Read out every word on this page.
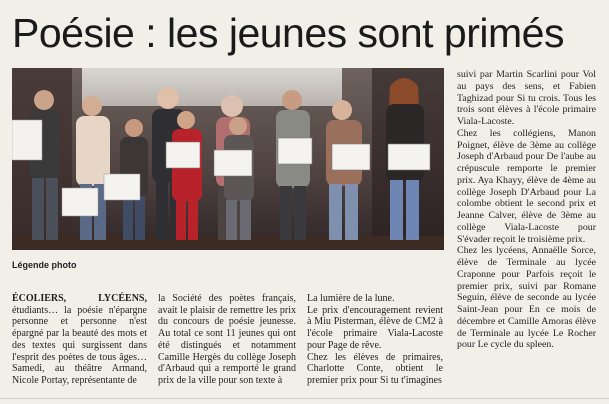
Poésie : les jeunes sont primés
Légende photo

ÉCOLIERS, LYCÉENS, étudiants… la poésie n'épargne personne et personne n'est épargné par la beauté des mots et des textes qui surgissent dans l'esprit des poètes de tous âges… Samedi, au théâtre Armand, Nicole Portay, représentante de

la Société des poètes français, avait le plaisir de remettre les prix du concours de poésie jeunesse. Au total ce sont 11 jeunes qui ont été distingués et notamment Camille Hergès du collège Joseph d'Arbaud qui a remporté le grand prix de la ville pour son texte à

La lumière de la lune.

Le prix d'encouragement revient à Miu Pisterman, élève de CM2 à l'école primaire Viala-Lacoste pour Page de rêve.

Chez les élèves de primaires, Charlotte Conte, obtient le premier prix pour Si tu t'imagines

suivi par Martin Scarlini pour Vol au pays des sens, et Fabien Taghizad pour Si tu crois. Tous les trois sont élèves à l'école primaire Viala-Lacoste.

Chez les collégiens, Manon Poignet, élève de 3ème au collège Joseph d'Arbaud pour De l'aube au crépuscule remporte le premier prix. Aya Khayy, élève de 4ème au collège Joseph D'Arbaud pour La colombe obtient le second prix et Jeanne Calver, élève de 3ème au collège Viala-Lacoste pour S'évader reçoit le troisième prix.

Chez les lycéens, Annaëlle Sorce, élève de Terminale au lycée Craponne pour Parfois reçoit le premier prix, suivi par Romane Seguin, élève de seconde au lycée Saint-Jean pour En ce mois de décembre et Camille Amoras élève de Terminale au lycée Le Rocher pour Le cycle du spleen.
